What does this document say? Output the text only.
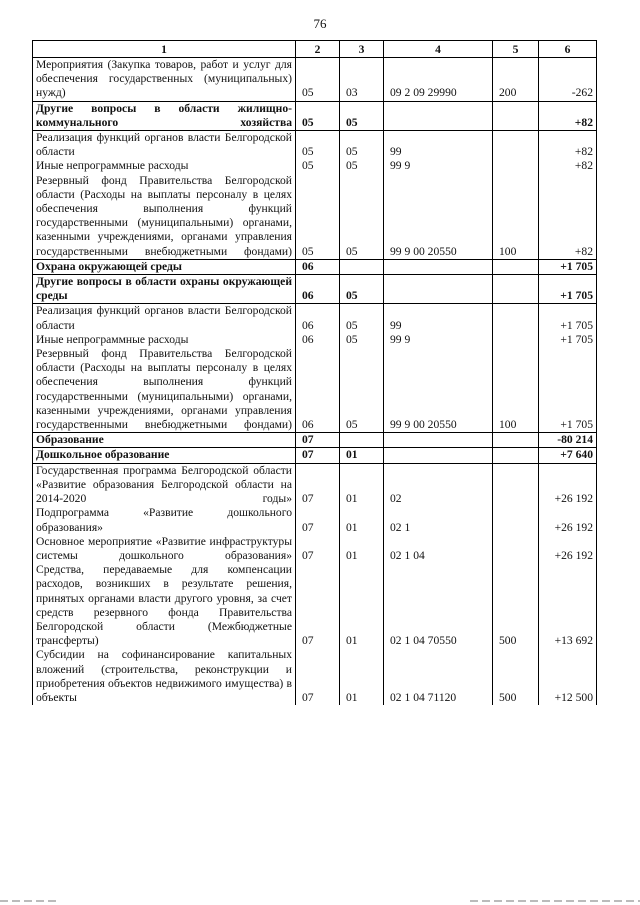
76
1	2	3	4	5	6
Мероприятия (Закупка товаров, работ и услуг для обеспечения государственных (муниципальных) нужд)	05	03	09 2 09 29990	200	-262
Другие вопросы в области жилищно-коммунального хозяйства	05	05			+82
Реализация функций органов власти Белгородской области	05	05	99		+82
Иные непрограммные расходы	05	05	99 9		+82
Резервный фонд Правительства Белгородской области (Расходы на выплаты персоналу в целях обеспечения выполнения функций государственными (муниципальными) органами, казенными учреждениями, органами управления государственными внебюджетными фондами)	05	05	99 9 00 20550	100	+82
Охрана окружающей среды	06				+1 705
Другие вопросы в области охраны окружающей среды	06	05			+1 705
Реализация функций органов власти Белгородской области	06	05	99		+1 705
Иные непрограммные расходы	06	05	99 9		+1 705
Резервный фонд Правительства Белгородской области (Расходы на выплаты персоналу в целях обеспечения выполнения функций государственными (муниципальными) органами, казенными учреждениями, органами управления государственными внебюджетными фондами)	06	05	99 9 00 20550	100	+1 705
Образование	07				-80 214
Дошкольное образование	07	01			+7 640
Государственная программа Белгородской области «Развитие образования Белгородской области на 2014-2020 годы»	07	01	02		+26 192
Подпрограмма «Развитие дошкольного образования»	07	01	02 1		+26 192
Основное мероприятие «Развитие инфраструктуры системы дошкольного образования»	07	01	02 1 04		+26 192
Средства, передаваемые для компенсации расходов, возникших в результате решения, принятых органами власти другого уровня, за счет средств резервного фонда Правительства Белгородской области (Межбюджетные трансферты)	07	01	02 1 04 70550	500	+13 692
Субсидии на софинансирование капитальных вложений (строительства, реконструкции и приобретения объектов недвижимого имущества) в объекты	07	01	02 1 04 71120	500	+12 500
